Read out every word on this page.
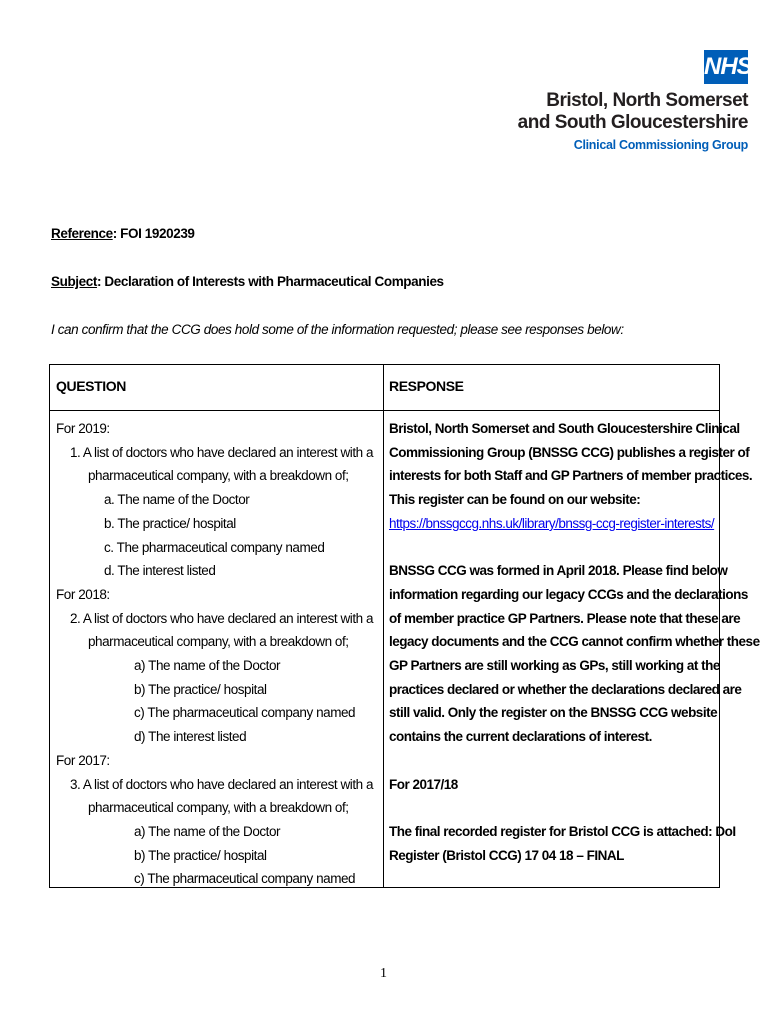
NHS
Bristol, North Somerset
and South Gloucestershire
Clinical Commissioning Group
Reference: FOI 1920239
Subject: Declaration of Interests with Pharmaceutical Companies
I can confirm that the CCG does hold some of the information requested; please see responses below:
QUESTION	RESPONSE
For 2019:
1. A list of doctors who have declared an interest with a
pharmaceutical company, with a breakdown of;
a. The name of the Doctor
b. The practice/ hospital
c. The pharmaceutical company named
d. The interest listed
For 2018:
2. A list of doctors who have declared an interest with a
pharmaceutical company, with a breakdown of;
a) The name of the Doctor
b) The practice/ hospital
c) The pharmaceutical company named
d) The interest listed
For 2017:
3. A list of doctors who have declared an interest with a
pharmaceutical company, with a breakdown of;
a) The name of the Doctor
b) The practice/ hospital
c) The pharmaceutical company named
Bristol, North Somerset and South Gloucestershire Clinical
Commissioning Group (BNSSG CCG) publishes a register of
interests for both Staff and GP Partners of member practices.
This register can be found on our website:
https://bnssgccg.nhs.uk/library/bnssg-ccg-register-interests/
BNSSG CCG was formed in April 2018. Please find below
information regarding our legacy CCGs and the declarations
of member practice GP Partners. Please note that these are
legacy documents and the CCG cannot confirm whether these
GP Partners are still working as GPs, still working at the
practices declared or whether the declarations declared are
still valid. Only the register on the BNSSG CCG website
contains the current declarations of interest.
For 2017/18
The final recorded register for Bristol CCG is attached: DoI
Register (Bristol CCG) 17 04 18 – FINAL
1
